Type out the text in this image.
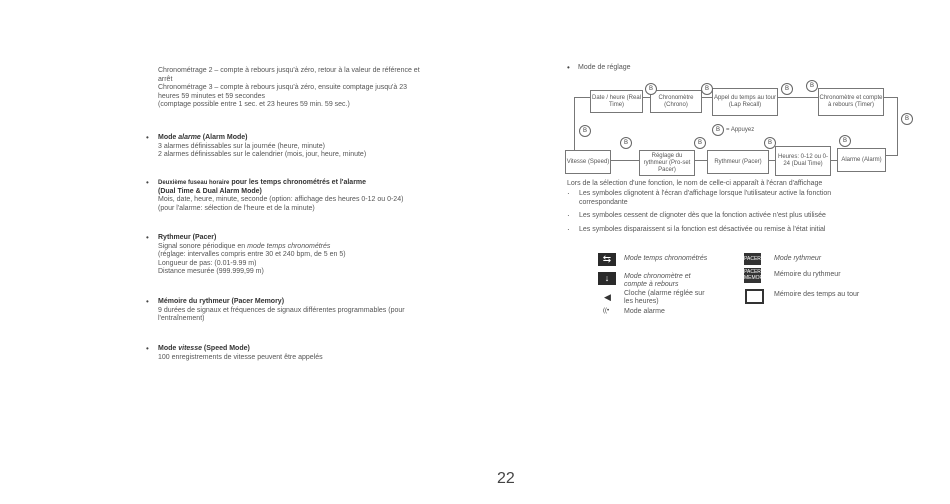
Chronométrage 2 – compte à rebours jusqu'à zéro, retour à la valeur de référence et
arrêt
Chronométrage 3 – compte à rebours jusqu'à zéro, ensuite comptage jusqu'à 23
heures 59 minutes et 59 secondes
(comptage possible entre 1 sec. et 23 heures 59 min. 59 sec.)
• Mode alarme (Alarm Mode)
3 alarmes définissables sur la journée (heure, minute)
2 alarmes définissables sur le calendrier (mois, jour, heure, minute)
• Deuxième fuseau horaire pour les temps chronométrés et l'alarme
(Dual Time & Dual Alarm Mode)
Mois, date, heure, minute, seconde (option: affichage des heures 0-12 ou 0-24)
(pour l'alarme: sélection de l'heure et de la minute)
• Rythmeur (Pacer)
Signal sonore périodique en mode temps chronométrés
(réglage: intervalles compris entre 30 et 240 bpm, de 5 en 5)
Longueur de pas: (0.01-9.99 m)
Distance mesurée (999.999,99 m)
• Mémoire du rythmeur (Pacer Memory)
9 durées de signaux et fréquences de signaux différentes programmables (pour
l'entraînement)
• Mode vitesse (Speed Mode)
100 enregistrements de vitesse peuvent être appelés
• Mode de réglage
Date / heure (Real Time)
Chronomètre (Chrono)
Appel du temps au tour (Lap Recall)
Chronomètre et compte à rebours (Timer)
Vitesse (Speed)
Réglage du rythmeur (Pro-set Pacer)
Rythmeur (Pacer)
Heures: 0-12 ou 0-24 (Dual Time)
Alarme (Alarm)
B	B	B	B
B
B	B	= Appuyez
B	B	B	B
Lors de la sélection d'une fonction, le nom de celle-ci apparaît à l'écran d'affichage
· Les symboles clignotent à l'écran d'affichage lorsque l'utilisateur active la fonction
correspondante
· Les symboles cessent de clignoter dès que la fonction activée n'est plus utilisée
· Les symboles disparaissent si la fonction est désactivée ou remise à l'état initial
⇆	Mode temps chronométrés
↓	Mode chronomètre et
compte à rebours
◀ Cloche (alarme réglée sur
les heures)
((• Mode alarme
PACER Mode rythmeur
PACER
MEMORY Mémoire du rythmeur
Mémoire des temps au tour
22
